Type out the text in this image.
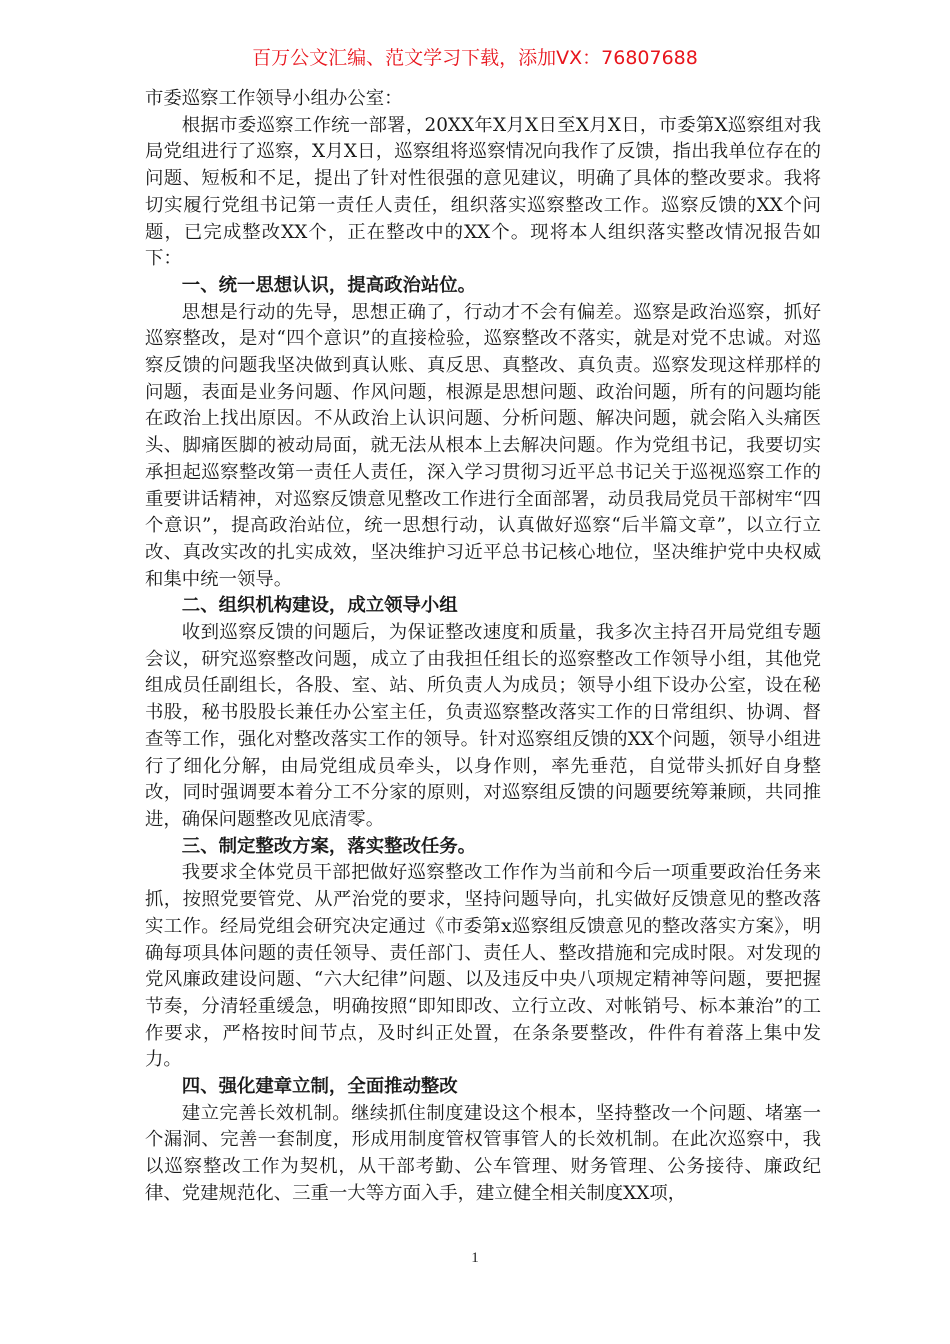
百万公文汇编、范文学习下载，添加VX：76807688

市委巡察工作领导小组办公室：

根据市委巡察工作统一部署，20XX年X月X日至X月X日，市委第X巡察组对我局党组进行了巡察，X月X日，巡察组将巡察情况向我作了反馈，指出我单位存在的问题、短板和不足，提出了针对性很强的意见建议，明确了具体的整改要求。我将切实履行党组书记第一责任人责任，组织落实巡察整改工作。巡察反馈的XX个问题，已完成整改XX个，正在整改中的XX个。现将本人组织落实整改情况报告如下：

一、统一思想认识，提高政治站位。

思想是行动的先导，思想正确了，行动才不会有偏差。巡察是政治巡察，抓好巡察整改，是对“四个意识”的直接检验，巡察整改不落实，就是对党不忠诚。对巡察反馈的问题我坚决做到真认账、真反思、真整改、真负责。巡察发现这样那样的问题，表面是业务问题、作风问题，根源是思想问题、政治问题，所有的问题均能在政治上找出原因。不从政治上认识问题、分析问题、解决问题，就会陷入头痛医头、脚痛医脚的被动局面，就无法从根本上去解决问题。作为党组书记，我要切实承担起巡察整改第一责任人责任，深入学习贯彻习近平总书记关于巡视巡察工作的重要讲话精神，对巡察反馈意见整改工作进行全面部署，动员我局党员干部树牢“四个意识”，提高政治站位，统一思想行动，认真做好巡察“后半篇文章”，以立行立改、真改实改的扎实成效，坚决维护习近平总书记核心地位，坚决维护党中央权威和集中统一领导。

二、组织机构建设，成立领导小组

收到巡察反馈的问题后，为保证整改速度和质量，我多次主持召开局党组专题会议，研究巡察整改问题，成立了由我担任组长的巡察整改工作领导小组，其他党组成员任副组长，各股、室、站、所负责人为成员；领导小组下设办公室，设在秘书股，秘书股股长兼任办公室主任，负责巡察整改落实工作的日常组织、协调、督查等工作，强化对整改落实工作的领导。针对巡察组反馈的XX个问题，领导小组进行了细化分解，由局党组成员牵头，以身作则，率先垂范，自觉带头抓好自身整改，同时强调要本着分工不分家的原则，对巡察组反馈的问题要统筹兼顾，共同推进，确保问题整改见底清零。

三、制定整改方案，落实整改任务。

我要求全体党员干部把做好巡察整改工作作为当前和今后一项重要政治任务来抓，按照党要管党、从严治党的要求，坚持问题导向，扎实做好反馈意见的整改落实工作。经局党组会研究决定通过《市委第x巡察组反馈意见的整改落实方案》，明确每项具体问题的责任领导、责任部门、责任人、整改措施和完成时限。对发现的党风廉政建设问题、“六大纪律”问题、以及违反中央八项规定精神等问题，要把握节奏，分清轻重缓急，明确按照“即知即改、立行立改、对帐销号、标本兼治”的工作要求，严格按时间节点，及时纠正处置，在条条要整改，件件有着落上集中发力。

四、强化建章立制，全面推动整改

建立完善长效机制。继续抓住制度建设这个根本，坚持整改一个问题、堵塞一个漏洞、完善一套制度，形成用制度管权管事管人的长效机制。在此次巡察中，我以巡察整改工作为契机，从干部考勤、公车管理、财务管理、公务接待、廉政纪律、党建规范化、三重一大等方面入手，建立健全相关制度XX项，

1
